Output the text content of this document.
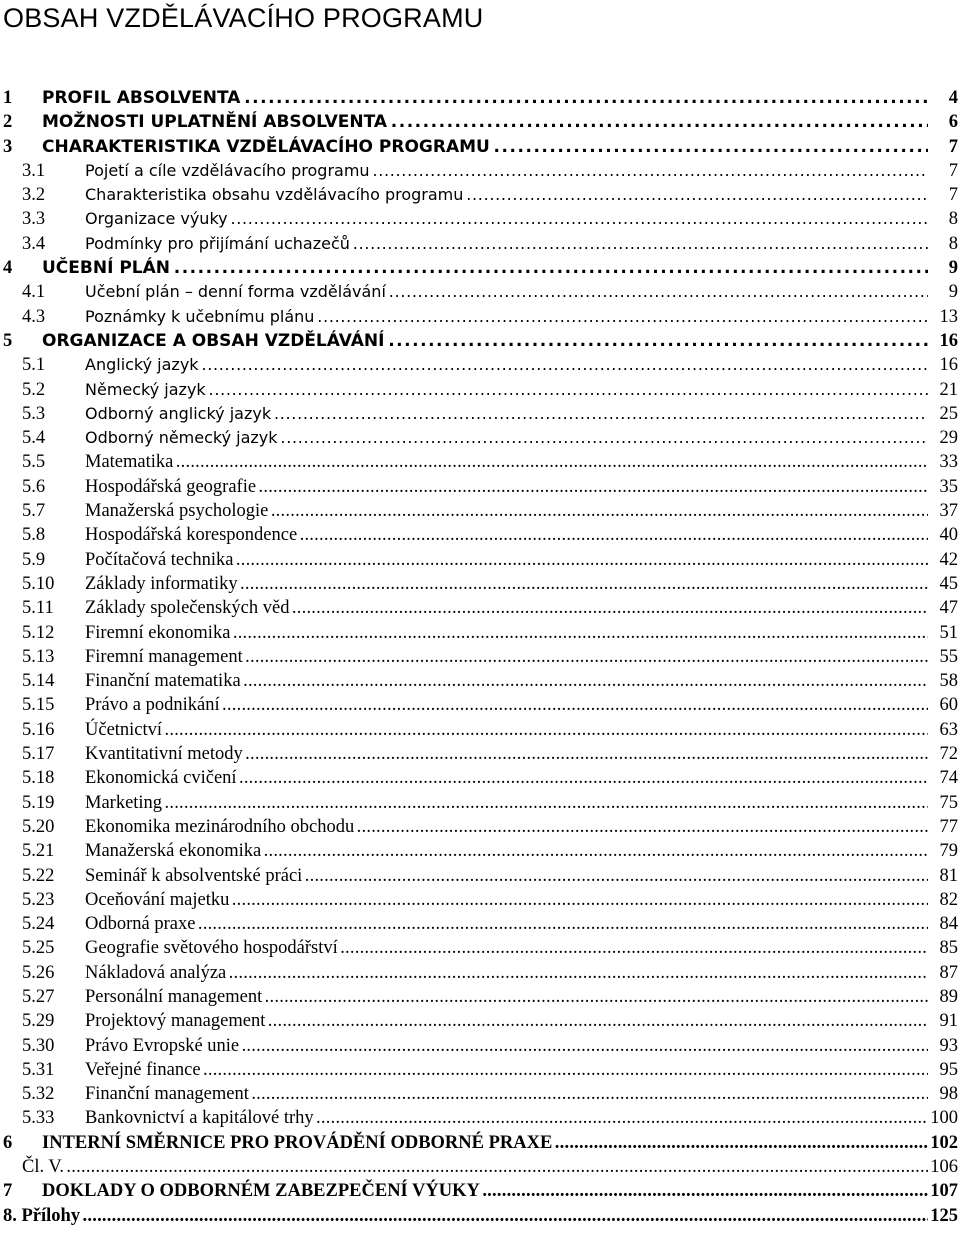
OBSAH VZDĚLÁVACÍHO PROGRAMU
1 PROFIL ABSOLVENTA . . .	4
2 MOŽNOSTI UPLATNĚNÍ ABSOLVENTA . . .	6
3 CHARAKTERISTIKA VZDĚLÁVACÍHO PROGRAMU . . .	7
3.1 Pojetí a cíle vzdělávacího programu . . .	7
3.2 Charakteristika obsahu vzdělávacího programu . . .	7
3.3 Organizace výuky . . .	8
3.4 Podmínky pro přijímání uchazečů . . .	8
4 UČEBNÍ PLÁN . . .	9
4.1 Učební plán – denní forma vzdělávání . . .	9
4.3 Poznámky k učebnímu plánu . . .	13
5 ORGANIZACE A OBSAH VZDĚLÁVÁNÍ . . .	16
5.1 Anglický jazyk . . .	16
5.2 Německý jazyk . . .	21
5.3 Odborný anglický jazyk . . .	25
5.4 Odborný německý jazyk . . .	29
5.5 Matematika . . .	33
5.6 Hospodářská geografie . . .	35
5.7 Manažerská psychologie . . .	37
5.8 Hospodářská korespondence . . .	40
5.9 Počítačová technika . . .	42
5.10 Základy informatiky . . .	45
5.11 Základy společenských věd . . .	47
5.12 Firemní ekonomika . . .	51
5.13 Firemní management . . .	55
5.14 Finanční matematika . . .	58
5.15 Právo a podnikání . . .	60
5.16 Účetnictví . . .	63
5.17 Kvantitativní metody . . .	72
5.18 Ekonomická cvičení . . .	74
5.19 Marketing . . .	75
5.20 Ekonomika mezinárodního obchodu . . .	77
5.21 Manažerská ekonomika . . .	79
5.22 Seminář k absolventské práci . . .	81
5.23 Oceňování majetku . . .	82
5.24 Odborná praxe . . .	84
5.25 Geografie světového hospodářství . . .	85
5.26 Nákladová analýza . . .	87
5.27 Personální management . . .	89
5.29 Projektový management . . .	91
5.30 Právo Evropské unie . . .	93
5.31 Veřejné finance . . .	95
5.32 Finanční management . . .	98
5.33 Bankovnictví a kapitálové trhy . . .	100
6 INTERNÍ SMĚRNICE PRO PROVÁDĚNÍ ODBORNÉ PRAXE . . .	102
Čl. V. . . .	106
7 DOKLADY O ODBORNÉM ZABEZPEČENÍ VÝUKY . . .	107
8. Přílohy . . .	125
